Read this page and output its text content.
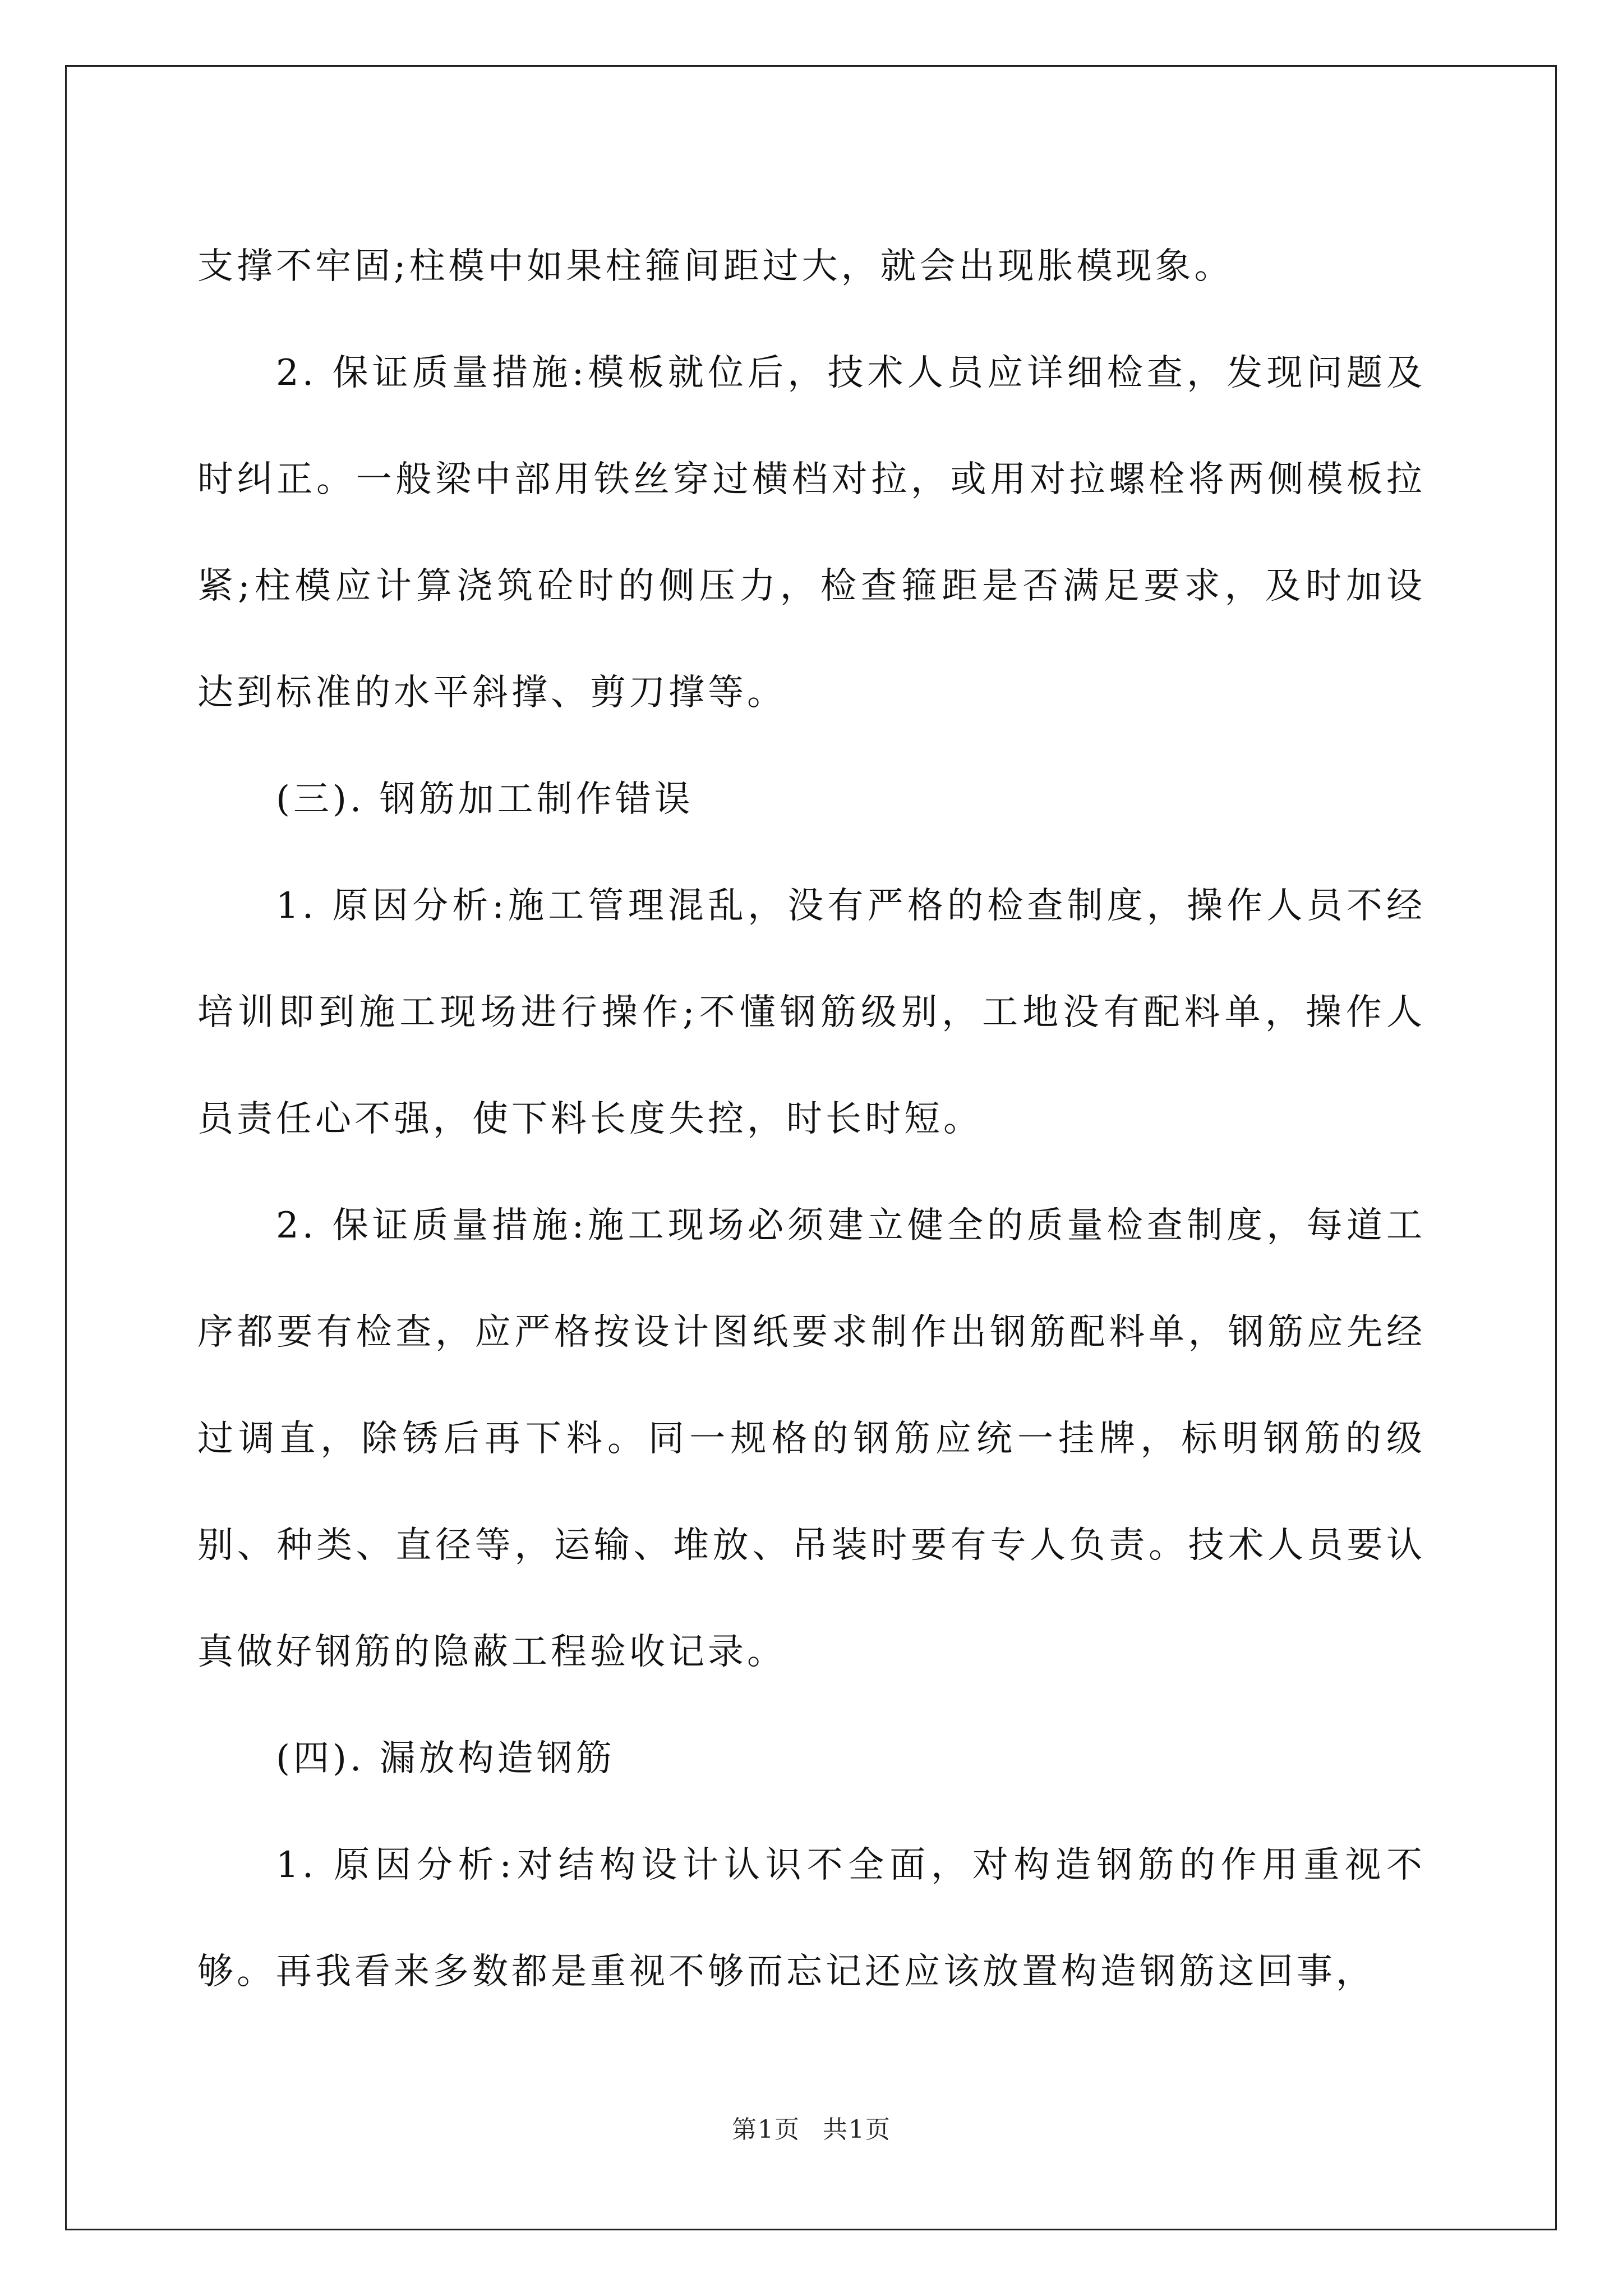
支撑不牢固;柱模中如果柱箍间距过大，就会出现胀模现象。

2. 保证质量措施:模板就位后，技术人员应详细检查，发现问题及时纠正。一般梁中部用铁丝穿过横档对拉，或用对拉螺栓将两侧模板拉紧;柱模应计算浇筑砼时的侧压力，检查箍距是否满足要求，及时加设达到标准的水平斜撑、剪刀撑等。

(三). 钢筋加工制作错误

1. 原因分析:施工管理混乱，没有严格的检查制度，操作人员不经培训即到施工现场进行操作;不懂钢筋级别，工地没有配料单，操作人员责任心不强，使下料长度失控，时长时短。

2. 保证质量措施:施工现场必须建立健全的质量检查制度，每道工序都要有检查，应严格按设计图纸要求制作出钢筋配料单，钢筋应先经过调直，除锈后再下料。同一规格的钢筋应统一挂牌，标明钢筋的级别、种类、直径等，运输、堆放、吊装时要有专人负责。技术人员要认真做好钢筋的隐蔽工程验收记录。

(四). 漏放构造钢筋

1. 原因分析:对结构设计认识不全面，对构造钢筋的作用重视不够。再我看来多数都是重视不够而忘记还应该放置构造钢筋这回事，

第1页 共1页
